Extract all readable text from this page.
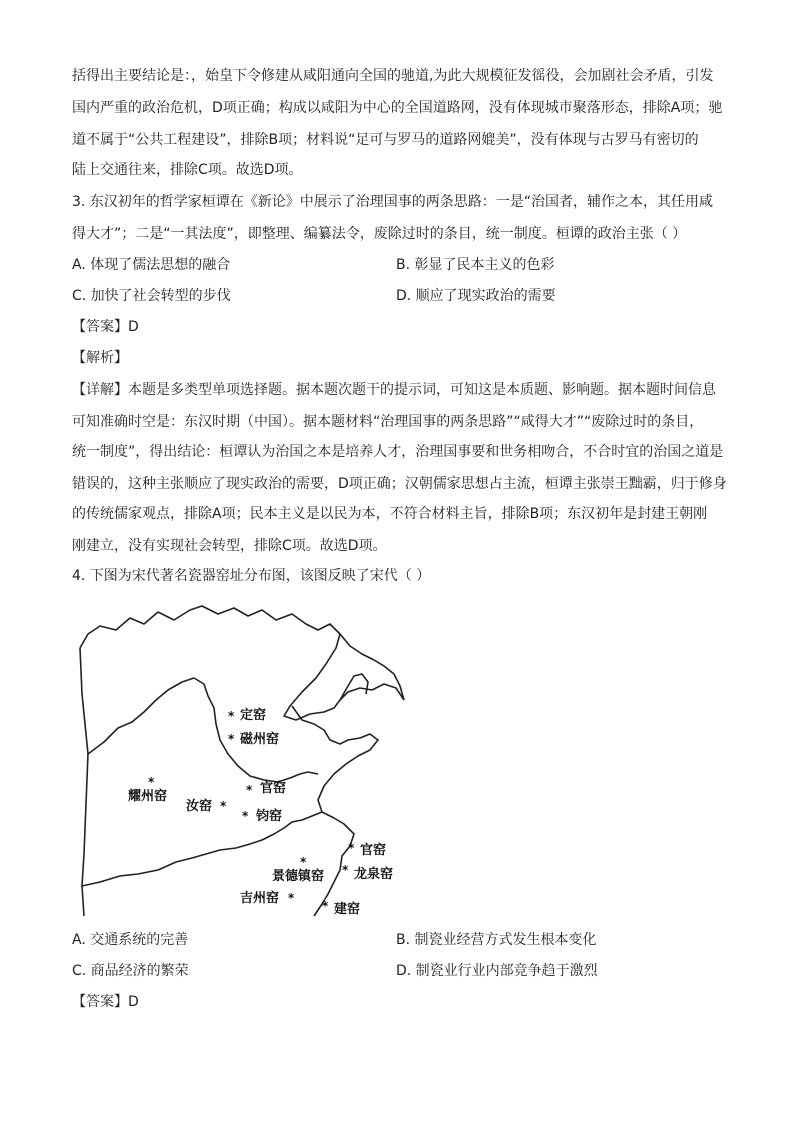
括得出主要结论是：，始皇下令修建从咸阳通向全国的驰道,为此大规模征发徭役，会加剧社会矛盾，引发
国内严重的政治危机，D项正确；构成以咸阳为中心的全国道路网，没有体现城市聚落形态，排除A项；驰
道不属于“公共工程建设”，排除B项；材料说“足可与罗马的道路网媲美”，没有体现与古罗马有密切的
陆上交通往来，排除C项。故选D项。
3. 东汉初年的哲学家桓谭在《新论》中展示了治理国事的两条思路：一是“治国者，辅作之本，其任用咸
得大才”；二是“一其法度”，即整理、编纂法令，废除过时的条目，统一制度。桓谭的政治主张（ ）
A. 体现了儒法思想的融合	B. 彰显了民本主义的色彩
C. 加快了社会转型的步伐	D. 顺应了现实政治的需要
【答案】D
【解析】
【详解】本题是多类型单项选择题。据本题次题干的提示词，可知这是本质题、影响题。据本题时间信息
可知准确时空是：东汉时期（中国）。据本题材料“治理国事的两条思路”“咸得大才”“废除过时的条目，
统一制度”，得出结论：桓谭认为治国之本是培养人才，治理国事要和世务相吻合，不合时宜的治国之道是
错误的，这种主张顺应了现实政治的需要，D项正确；汉朝儒家思想占主流，桓谭主张崇王黜霸，归于修身
的传统儒家观点，排除A项；民本主义是以民为本，不符合材料主旨，排除B项；东汉初年是封建王朝刚
刚建立，没有实现社会转型，排除C项。故选D项。
4. 下图为宋代著名瓷器窑址分布图，该图反映了宋代（ ）
* 定窑
* 磁州窑
*
耀州窑	* 官窑
汝窑 *
* 钧窑
* 官窑
*
景德镇窑 * 龙泉窑
吉州窑 *
* 建窑
A. 交通系统的完善	B. 制瓷业经营方式发生根本变化
C. 商品经济的繁荣	D. 制瓷业行业内部竞争趋于激烈
【答案】D
